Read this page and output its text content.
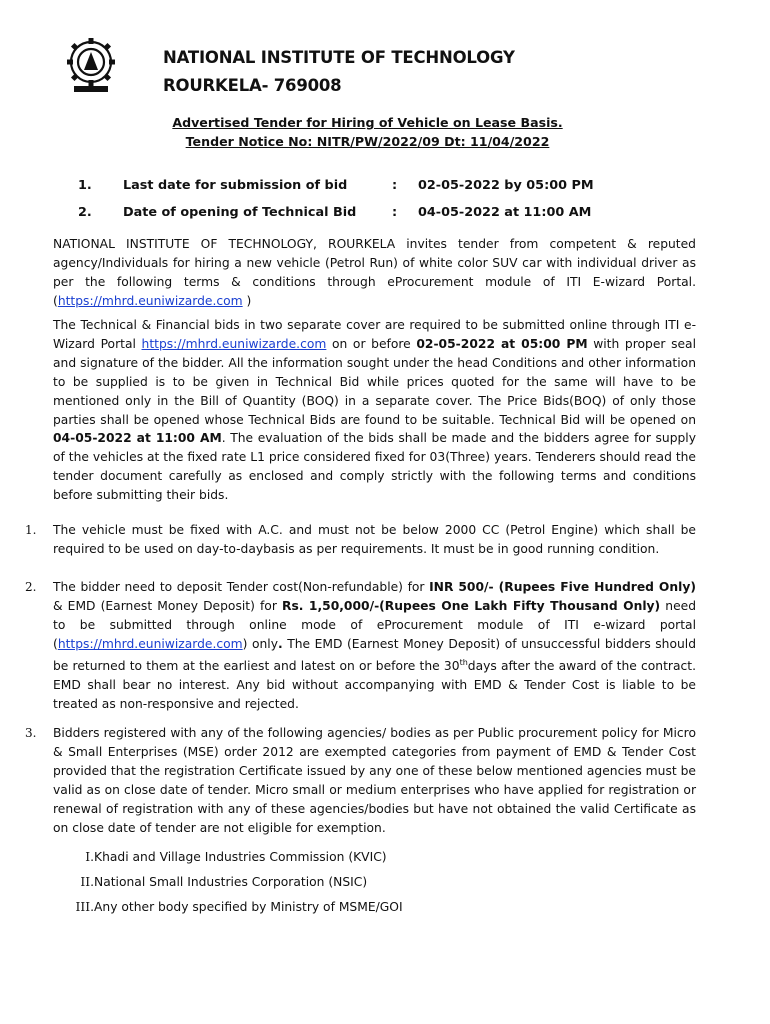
NATIONAL INSTITUTE OF TECHNOLOGY
ROURKELA- 769008
Advertised Tender for Hiring of Vehicle on Lease Basis.
Tender Notice No: NITR/PW/2022/09 Dt: 11/04/2022
1. Last date for submission of bid	: 02-05-2022 by 05:00 PM
2. Date of opening of Technical Bid	: 04-05-2022 at 11:00 AM
NATIONAL INSTITUTE OF TECHNOLOGY, ROURKELA invites tender from competent & reputed agency/Individuals for hiring a new vehicle (Petrol Run) of white color SUV car with individual driver as per the following terms & conditions through eProcurement module of ITI E-wizard Portal. (https://mhrd.euniwizarde.com )
The Technical & Financial bids in two separate cover are required to be submitted online through ITI e-Wizard Portal https://mhrd.euniwizarde.com on or before 02-05-2022 at 05:00 PM with proper seal and signature of the bidder. All the information sought under the head Conditions and other information to be supplied is to be given in Technical Bid while prices quoted for the same will have to be mentioned only in the Bill of Quantity (BOQ) in a separate cover. The Price Bids(BOQ) of only those parties shall be opened whose Technical Bids are found to be suitable. Technical Bid will be opened on 04-05-2022 at 11:00 AM. The evaluation of the bids shall be made and the bidders agree for supply of the vehicles at the fixed rate L1 price considered fixed for 03(Three) years. Tenderers should read the tender document carefully as enclosed and comply strictly with the following terms and conditions before submitting their bids.
1. The vehicle must be fixed with A.C. and must not be below 2000 CC (Petrol Engine) which shall be required to be used on day-to-daybasis as per requirements. It must be in good running condition.
2. The bidder need to deposit Tender cost(Non-refundable) for INR 500/- (Rupees Five Hundred Only) & EMD (Earnest Money Deposit) for Rs. 1,50,000/-(Rupees One Lakh Fifty Thousand Only) need to be submitted through online mode of eProcurement module of ITI e-wizard portal (https://mhrd.euniwizarde.com) only. The EMD (Earnest Money Deposit) of unsuccessful bidders should be returned to them at the earliest and latest on or before the 30thdays after the award of the contract. EMD shall bear no interest. Any bid without accompanying with EMD & Tender Cost is liable to be treated as non-responsive and rejected.
3. Bidders registered with any of the following agencies/ bodies as per Public procurement policy for Micro & Small Enterprises (MSE) order 2012 are exempted categories from payment of EMD & Tender Cost provided that the registration Certificate issued by any one of these below mentioned agencies must be valid as on close date of tender. Micro small or medium enterprises who have applied for registration or renewal of registration with any of these agencies/bodies but have not obtained the valid Certificate as on close date of tender are not eligible for exemption.
I. Khadi and Village Industries Commission (KVIC)
II. National Small Industries Corporation (NSIC)
III. Any other body specified by Ministry of MSME/GOI
